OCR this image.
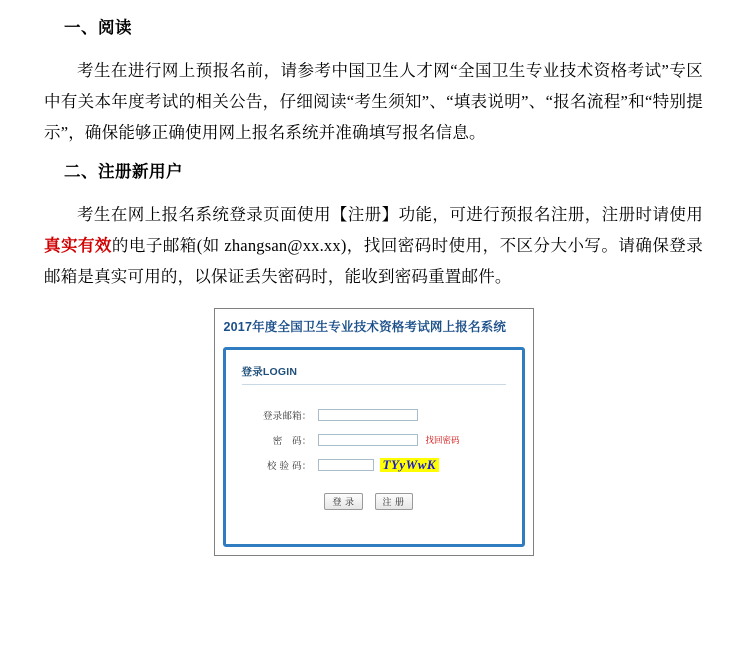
一、阅读

考生在进行网上预报名前，请参考中国卫生人才网“全国卫生专业技术资格考试”专区中有关本年度考试的相关公告，仔细阅读“考生须知”、“填表说明”、“报名流程”和“特别提示”，确保能够正确使用网上报名系统并准确填写报名信息。

二、注册新用户

考生在网上报名系统登录页面使用【注册】功能，可进行预报名注册，注册时请使用真实有效的电子邮箱(如 zhangsan@xx.xx)，找回密码时使用，不区分大小写。请确保登录邮箱是真实可用的，以保证丢失密码时，能收到密码重置邮件。

2017年度全国卫生专业技术资格考试网上报名系统
登录LOGIN
登录邮箱：
密　码：	找回密码
校 验 码：	TYyWwK
登 录	注 册
